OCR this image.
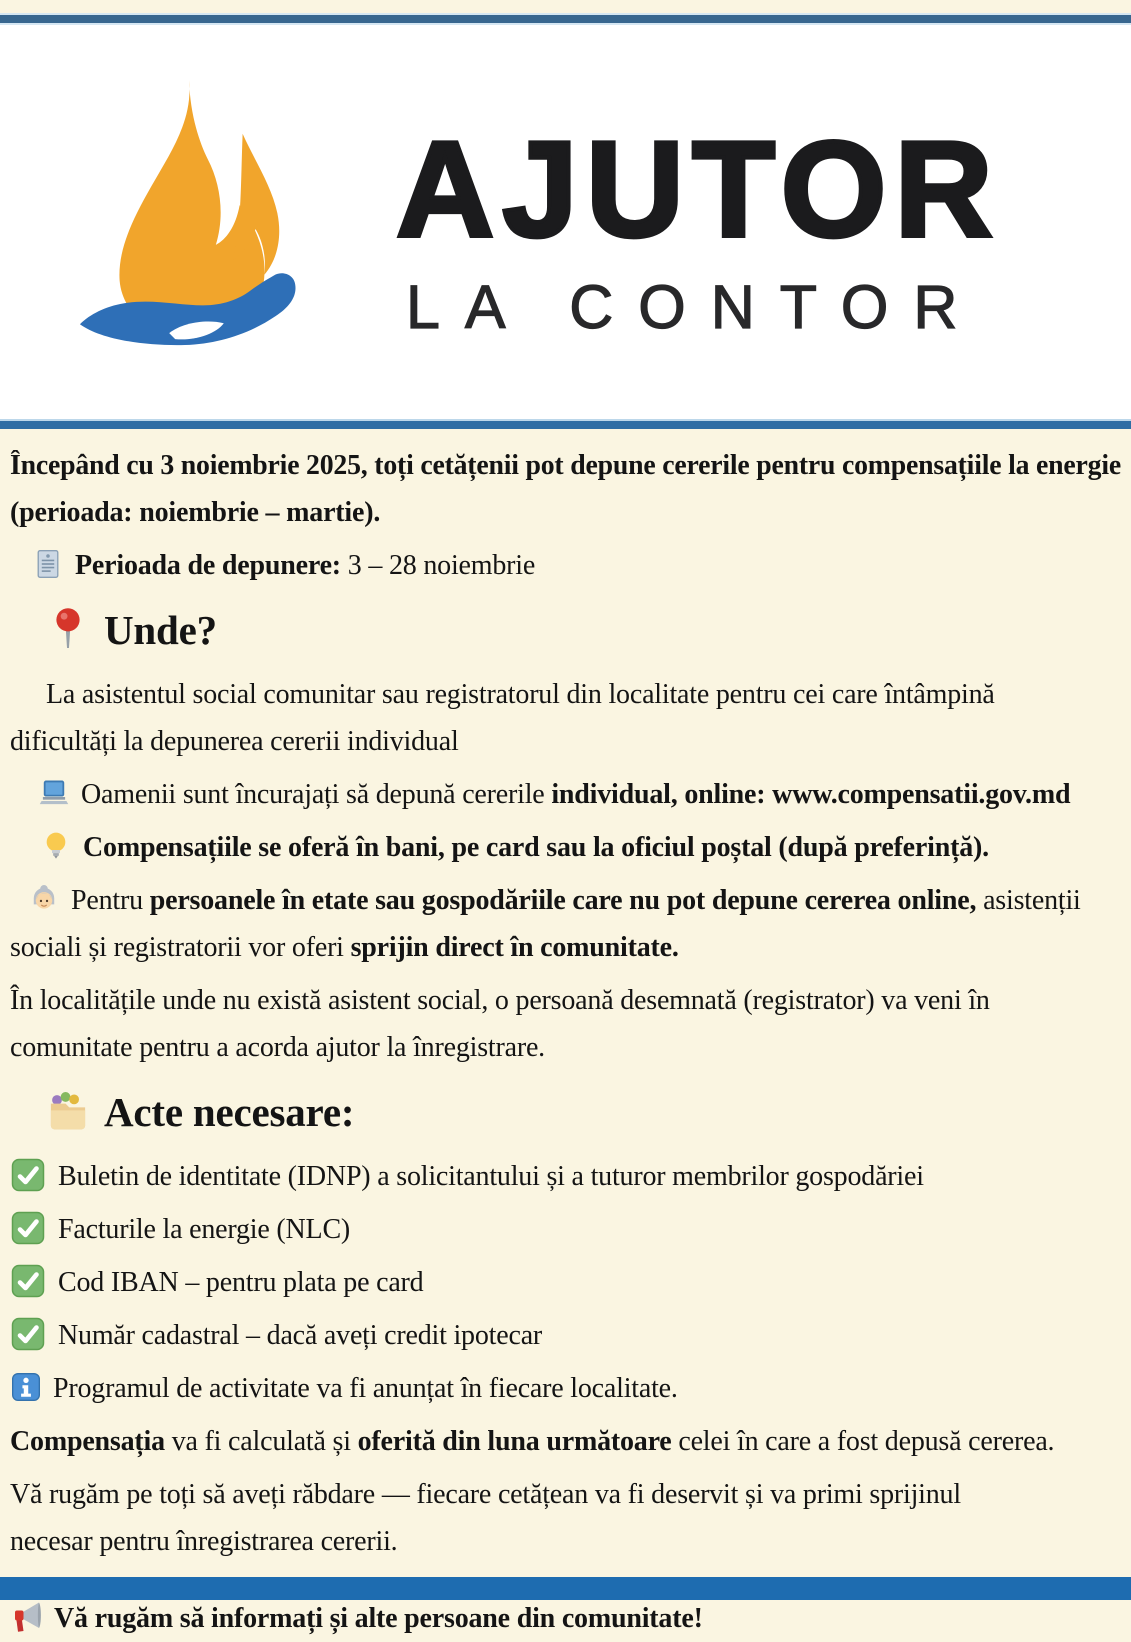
AJUTOR
LA CONTOR
Începând cu 3 noiembrie 2025, toți cetățenii pot depune cererile pentru compensațiile la energie
(perioada: noiembrie – martie).
Perioada de depunere: 3 – 28 noiembrie
Unde?
La asistentul social comunitar sau registratorul din localitate pentru cei care întâmpină
dificultăți la depunerea cererii individual
Oamenii sunt încurajați să depună cererile individual, online: www.compensatii.gov.md
Compensațiile se oferă în bani, pe card sau la oficiul poștal (după preferință).
Pentru persoanele în etate sau gospodăriile care nu pot depune cererea online, asistenții
sociali și registratorii vor oferi sprijin direct în comunitate.
În localitățile unde nu există asistent social, o persoană desemnată (registrator) va veni în
comunitate pentru a acorda ajutor la înregistrare.
Acte necesare:
Buletin de identitate (IDNP) a solicitantului și a tuturor membrilor gospodăriei
Facturile la energie (NLC)
Cod IBAN – pentru plata pe card
Număr cadastral – dacă aveți credit ipotecar
Programul de activitate va fi anunțat în fiecare localitate.
Compensația va fi calculată și oferită din luna următoare celei în care a fost depusă cererea.
Vă rugăm pe toți să aveți răbdare — fiecare cetățean va fi deservit și va primi sprijinul
necesar pentru înregistrarea cererii.
Vă rugăm să informați și alte persoane din comunitate!
